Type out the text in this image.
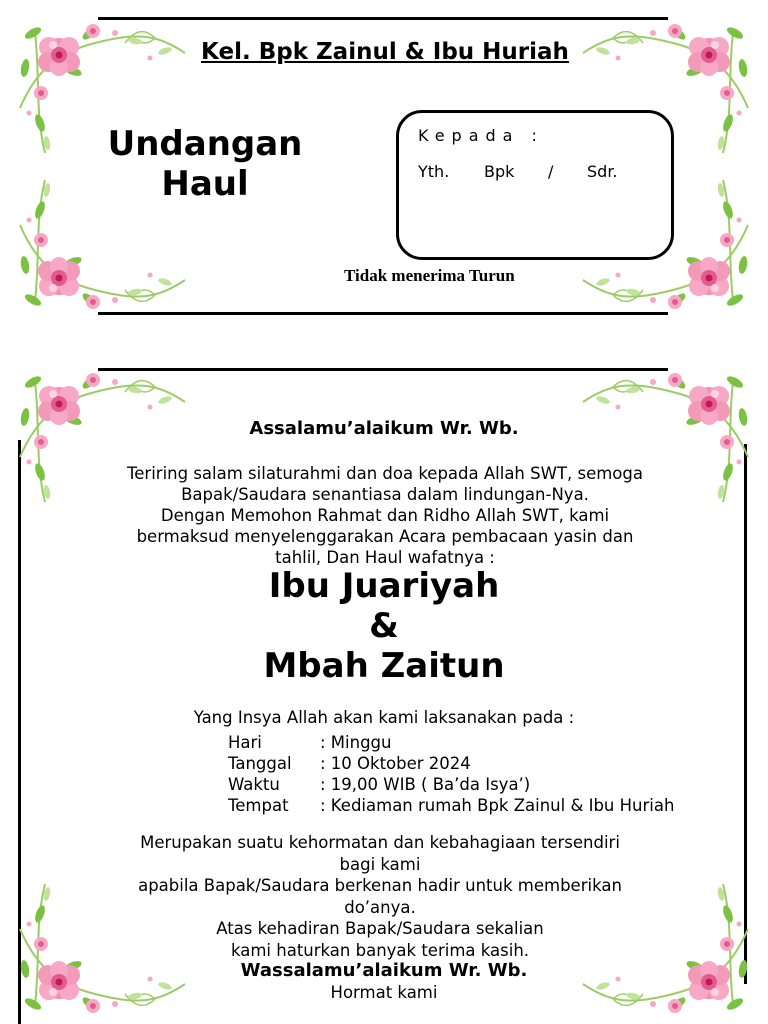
Kel. Bpk Zainul & Ibu Huriah
Undangan
Haul
Kepada :
Yth. Bpk / Sdr.
Tidak menerima Turun
Assalamu’alaikum Wr. Wb.
Teriring salam silaturahmi dan doa kepada Allah SWT, semoga
Bapak/Saudara senantiasa dalam lindungan-Nya.
Dengan Memohon Rahmat dan Ridho Allah SWT, kami
bermaksud menyelenggarakan Acara pembacaan yasin dan
tahlil, Dan Haul wafatnya :
Ibu Juariyah
&
Mbah Zaitun
Yang Insya Allah akan kami laksanakan pada :
Hari	: Minggu
Tanggal : 10 Oktober 2024
Waktu : 19,00 WIB ( Ba’da Isya’)
Tempat : Kediaman rumah Bpk Zainul & Ibu Huriah
Merupakan suatu kehormatan dan kebahagiaan tersendiri
bagi kami
apabila Bapak/Saudara berkenan hadir untuk memberikan
do’anya.
Atas kehadiran Bapak/Saudara sekalian
kami haturkan banyak terima kasih.
Wassalamu’alaikum Wr. Wb.
Hormat kami
